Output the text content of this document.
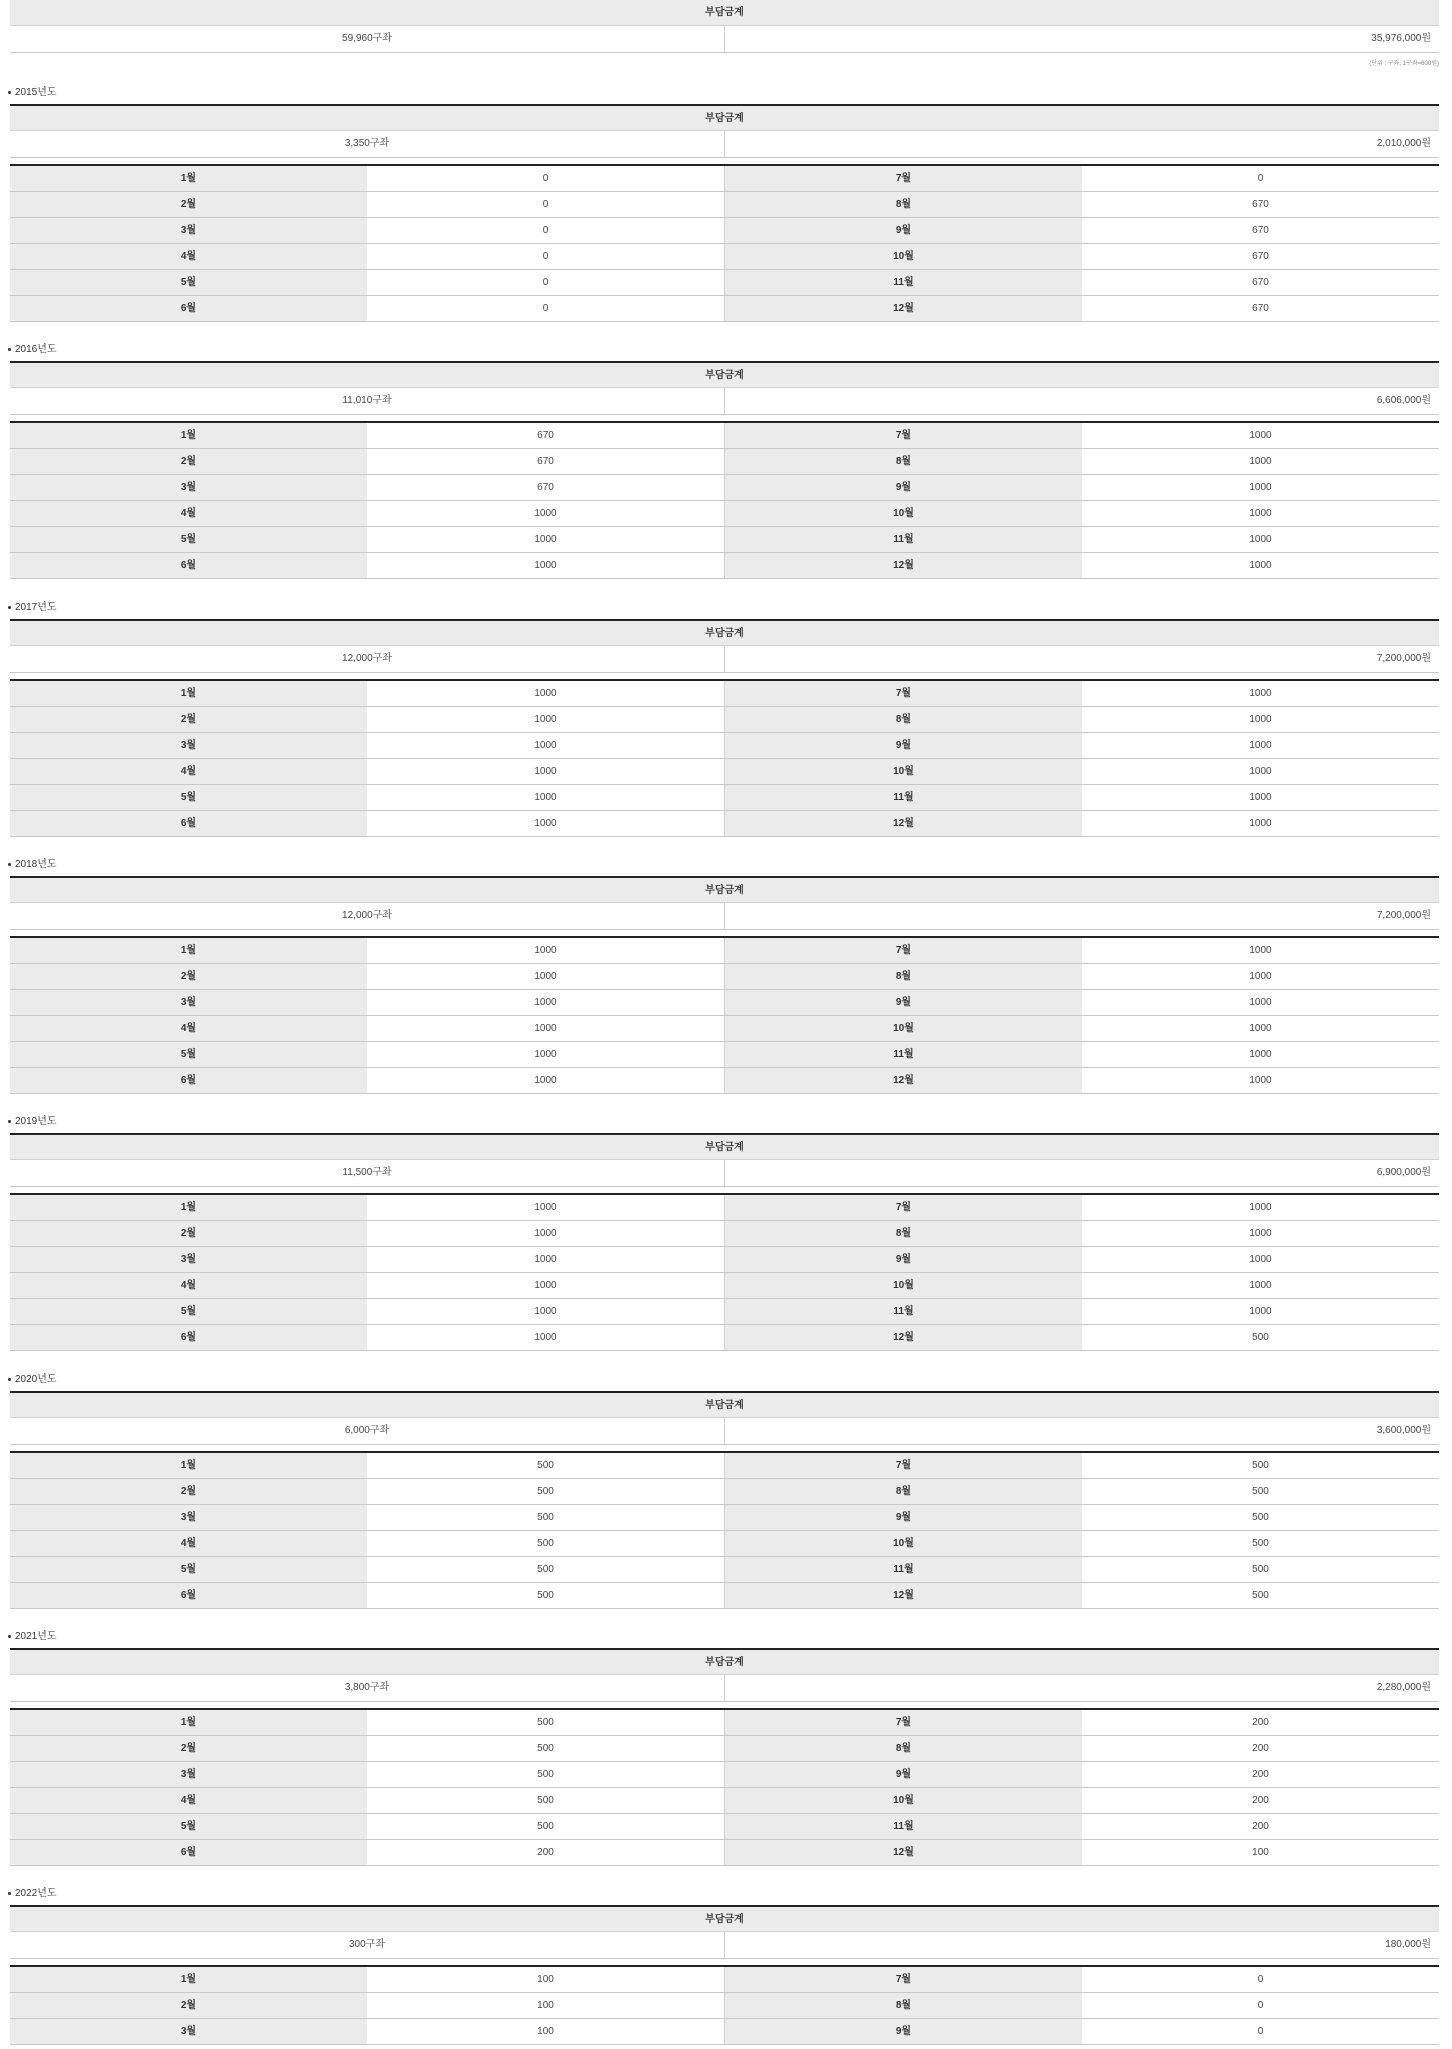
부담금계
59,960구좌	35,976,000원
(단위 : 구좌, 1구좌=600원)
2015년도
부담금계
3,350구좌	2,010,000원
1월	0	7월	0
2월	0	8월	670
3월	0	9월	670
4월	0	10월	670
5월	0	11월	670
6월	0	12월	670
2016년도
부담금계
11,010구좌	6,606,000원
1월	670	7월	1000
2월	670	8월	1000
3월	670	9월	1000
4월	1000	10월	1000
5월	1000	11월	1000
6월	1000	12월	1000
2017년도
부담금계
12,000구좌	7,200,000원
1월	1000	7월	1000
2월	1000	8월	1000
3월	1000	9월	1000
4월	1000	10월	1000
5월	1000	11월	1000
6월	1000	12월	1000
2018년도
부담금계
12,000구좌	7,200,000원
1월	1000	7월	1000
2월	1000	8월	1000
3월	1000	9월	1000
4월	1000	10월	1000
5월	1000	11월	1000
6월	1000	12월	1000
2019년도
부담금계
11,500구좌	6,900,000원
1월	1000	7월	1000
2월	1000	8월	1000
3월	1000	9월	1000
4월	1000	10월	1000
5월	1000	11월	1000
6월	1000	12월	500
2020년도
부담금계
6,000구좌	3,600,000원
1월	500	7월	500
2월	500	8월	500
3월	500	9월	500
4월	500	10월	500
5월	500	11월	500
6월	500	12월	500
2021년도
부담금계
3,800구좌	2,280,000원
1월	500	7월	200
2월	500	8월	200
3월	500	9월	200
4월	500	10월	200
5월	500	11월	200
6월	200	12월	100
2022년도
부담금계
300구좌	180,000원
1월	100	7월	0
2월	100	8월	0
3월	100	9월	0
